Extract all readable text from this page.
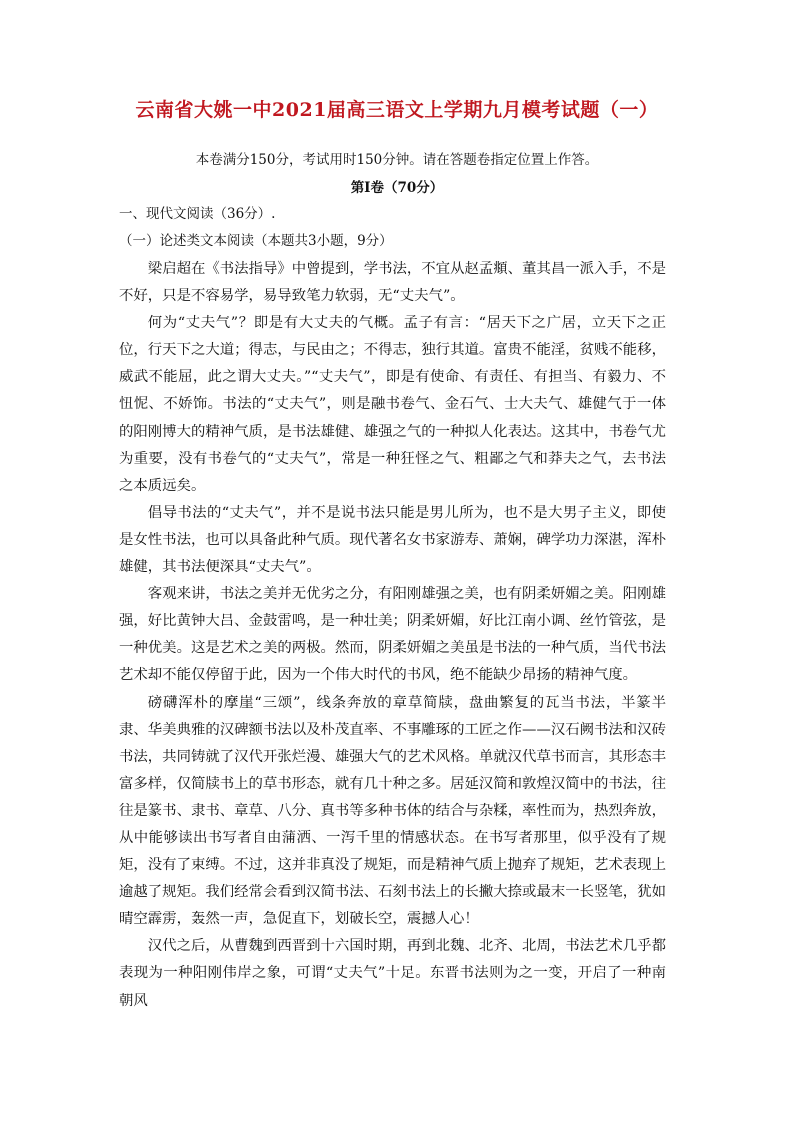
云南省大姚一中2021届高三语文上学期九月模考试题（一）
本卷满分150分，考试用时150分钟。请在答题卷指定位置上作答。
第Ⅰ卷（70分）
一、现代文阅读（36分）.
（一）论述类文本阅读（本题共3小题，9分）

梁启超在《书法指导》中曾提到，学书法，不宜从赵孟頫、董其昌一派入手，不是不好，只是不容易学，易导致笔力软弱，无“丈夫气”。

何为“丈夫气”？即是有大丈夫的气概。孟子有言：“居天下之广居，立天下之正位，行天下之大道；得志，与民由之；不得志，独行其道。富贵不能淫，贫贱不能移，威武不能屈，此之谓大丈夫。”“丈夫气”，即是有使命、有责任、有担当、有毅力、不忸怩、不娇饰。书法的“丈夫气”，则是融书卷气、金石气、士大夫气、雄健气于一体的阳刚博大的精神气质，是书法雄健、雄强之气的一种拟人化表达。这其中，书卷气尤为重要，没有书卷气的“丈夫气”，常是一种狂怪之气、粗鄙之气和莽夫之气，去书法之本质远矣。

倡导书法的“丈夫气”，并不是说书法只能是男儿所为，也不是大男子主义，即使是女性书法，也可以具备此种气质。现代著名女书家游寿、萧娴，碑学功力深湛，浑朴雄健，其书法便深具“丈夫气”。

客观来讲，书法之美并无优劣之分，有阳刚雄强之美，也有阴柔妍媚之美。阳刚雄强，好比黄钟大吕、金鼓雷鸣，是一种壮美；阴柔妍媚，好比江南小调、丝竹管弦，是一种优美。这是艺术之美的两极。然而，阴柔妍媚之美虽是书法的一种气质，当代书法艺术却不能仅停留于此，因为一个伟大时代的书风，绝不能缺少昂扬的精神气度。

磅礴浑朴的摩崖“三颂”，线条奔放的章草简牍，盘曲繁复的瓦当书法，半篆半隶、华美典雅的汉碑额书法以及朴茂直率、不事雕琢的工匠之作——汉石阙书法和汉砖书法，共同铸就了汉代开张烂漫、雄强大气的艺术风格。单就汉代草书而言，其形态丰富多样，仅简牍书上的草书形态，就有几十种之多。居延汉简和敦煌汉简中的书法，往往是篆书、隶书、章草、八分、真书等多种书体的结合与杂糅，率性而为，热烈奔放，从中能够读出书写者自由蒲洒、一泻千里的情感状态。在书写者那里，似乎没有了规矩，没有了束缚。不过，这并非真没了规矩，而是精神气质上抛弃了规矩，艺术表现上逾越了规矩。我们经常会看到汉简书法、石刻书法上的长撇大捺或最末一长竖笔，犹如晴空霹雳，轰然一声，急促直下，划破长空，震撼人心！

汉代之后，从曹魏到西晋到十六国时期，再到北魏、北齐、北周，书法艺术几乎都表现为一种阳刚伟岸之象，可谓“丈夫气”十足。东晋书法则为之一变，开启了一种南朝风
